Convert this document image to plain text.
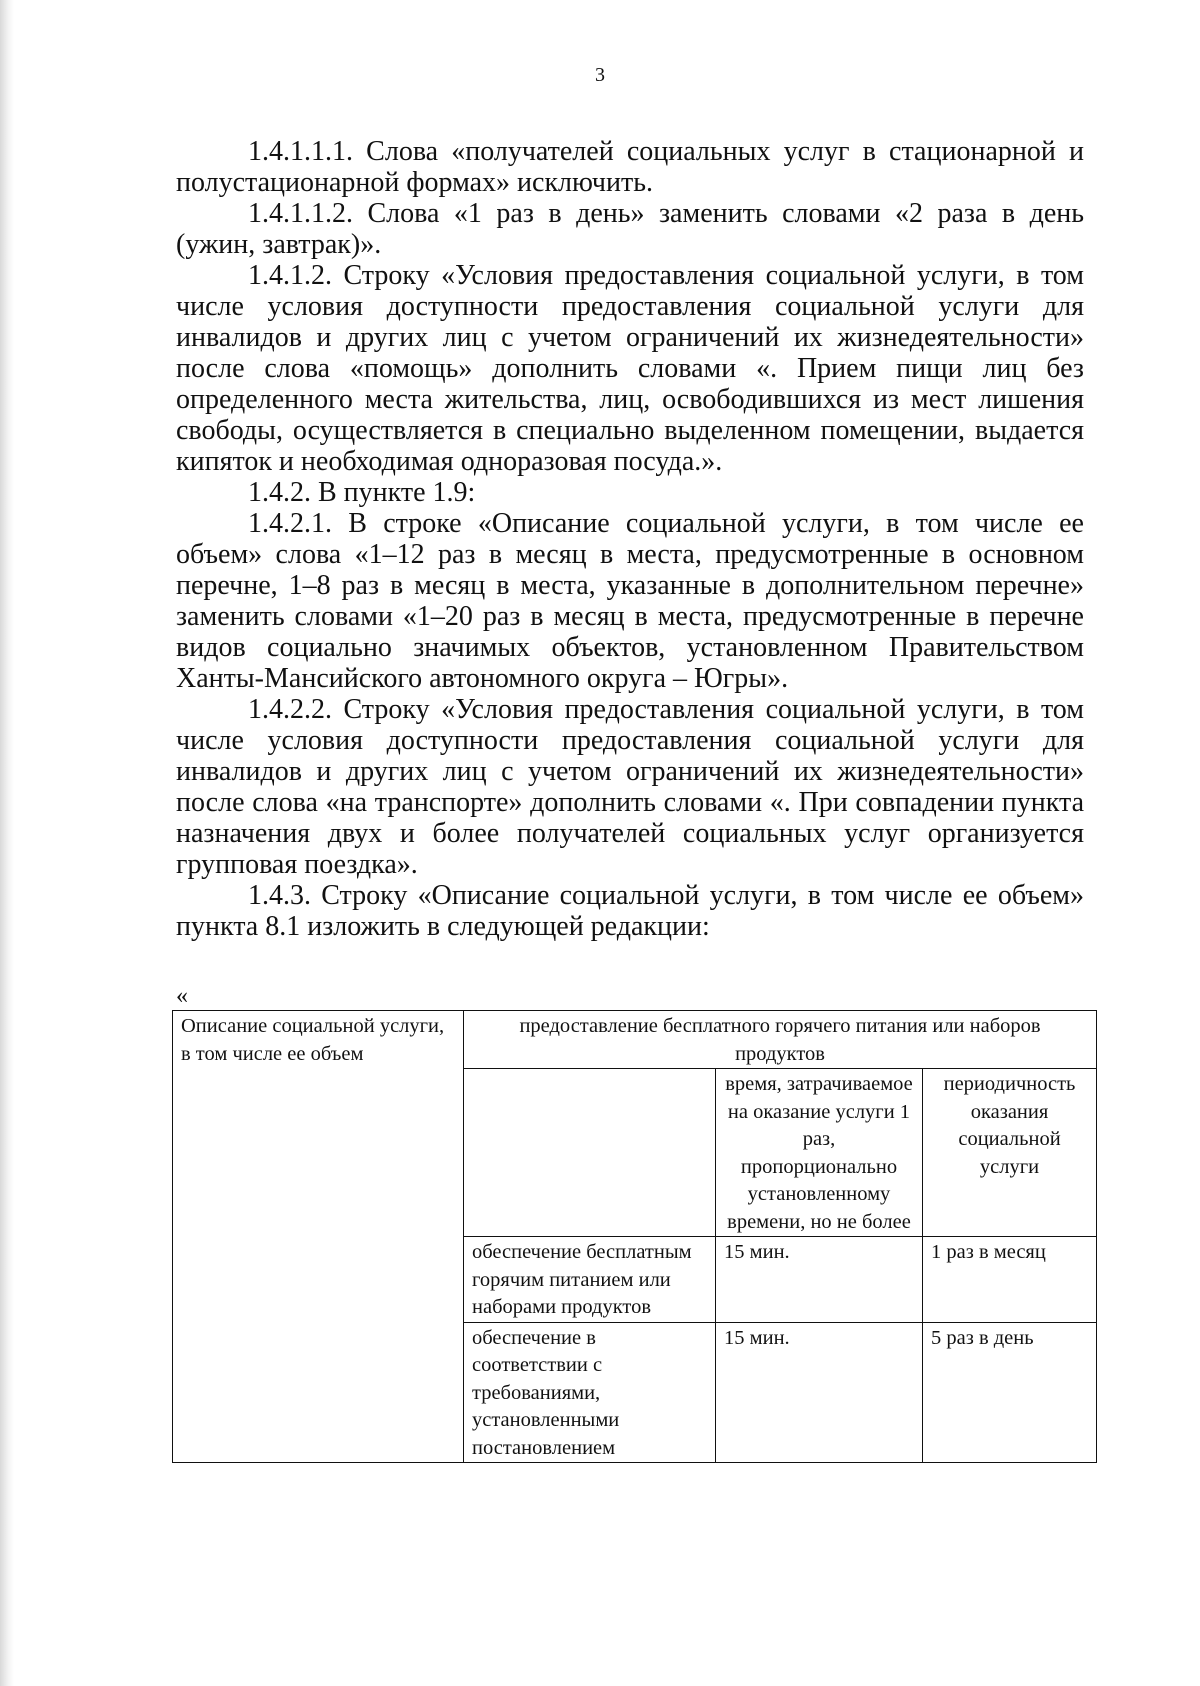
3

1.4.1.1.1. Слова «получателей социальных услуг в стационарной и полустационарной формах» исключить.

1.4.1.1.2. Слова «1 раз в день» заменить словами «2 раза в день (ужин, завтрак)».

1.4.1.2. Строку «Условия предоставления социальной услуги, в том числе условия доступности предоставления социальной услуги для инвалидов и других лиц с учетом ограничений их жизнедеятельности» после слова «помощь» дополнить словами «. Прием пищи лиц без определенного места жительства, лиц, освободившихся из мест лишения свободы, осуществляется в специально выделенном помещении, выдается кипяток и необходимая одноразовая посуда.».

1.4.2. В пункте 1.9:

1.4.2.1. В строке «Описание социальной услуги, в том числе ее объем» слова «1–12 раз в месяц в места, предусмотренные в основном перечне, 1–8 раз в месяц в места, указанные в дополнительном перечне» заменить словами «1–20 раз в месяц в места, предусмотренные в перечне видов социально значимых объектов, установленном Правительством Ханты-Мансийского автономного округа – Югры».

1.4.2.2. Строку «Условия предоставления социальной услуги, в том числе условия доступности предоставления социальной услуги для инвалидов и других лиц с учетом ограничений их жизнедеятельности» после слова «на транспорте» дополнить словами «. При совпадении пункта назначения двух и более получателей социальных услуг организуется групповая поездка».

1.4.3. Строку «Описание социальной услуги, в том числе ее объем» пункта 8.1 изложить в следующей редакции:

«
Описание социальной услуги, в том числе ее объем	предоставление бесплатного горячего питания или наборов продуктов		
		время, затрачиваемое на оказание услуги 1 раз, пропорционально установленному времени, но не более	периодичность оказания социальной услуги
	обеспечение бесплатным горячим питанием или наборами продуктов	15 мин.	1 раз в месяц
	обеспечение в соответствии с требованиями, установленными постановлением	15 мин.	5 раз в день
